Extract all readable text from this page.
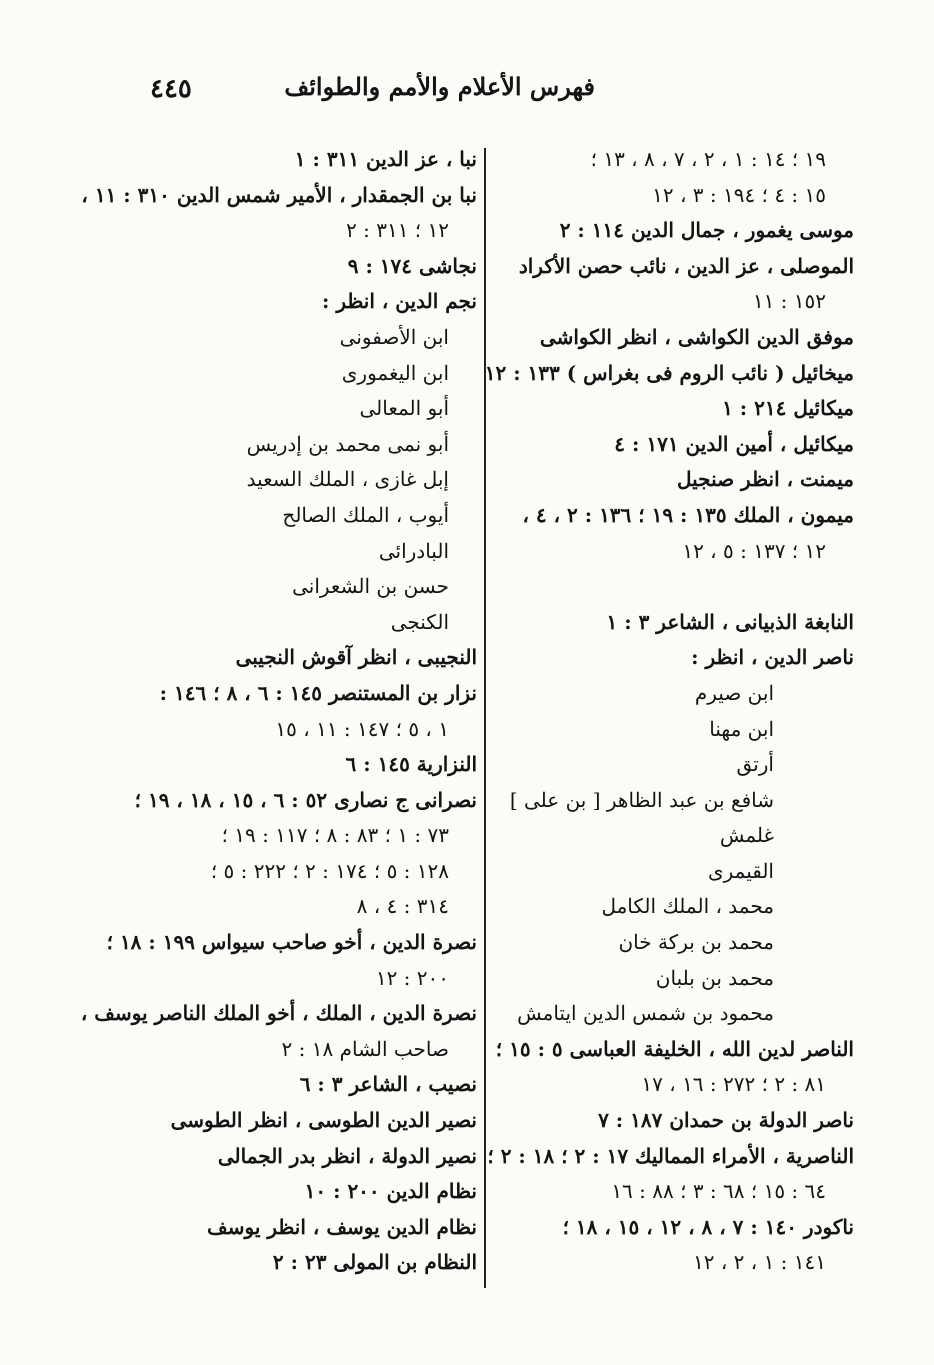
٤٤٥	فهرس الأعلام والأمم والطوائف
١٩ ؛ ١٤ : ١ ، ٢ ، ٧ ، ٨ ، ١٣ ؛
١٥ : ٤ ؛ ١٩٤ : ٣ ، ١٢
موسى يغمور ، جمال الدين ١١٤ : ٢
الموصلى ، عز الدين ، نائب حصن الأكراد
١٥٢ : ١١
موفق الدين الكواشى ، انظر الكواشى
ميخائيل ( نائب الروم فى بغراس ) ١٣٣ : ١٢
ميكائيل ٢١٤ : ١
ميكائيل ، أمين الدين ١٧١ : ٤
ميمنت ، انظر صنجيل
ميمون ، الملك ١٣٥ : ١٩ ؛ ١٣٦ : ٢ ، ٤ ،
١٢ ؛ ١٣٧ : ٥ ، ١٢
النابغة الذبيانى ، الشاعر ٣ : ١
ناصر الدين ، انظر :
ابن صيرم
ابن مهنا
أرتق
شافع بن عبد الظاهر [ بن على ]
غلمش
القيمرى
محمد ، الملك الكامل
محمد بن بركة خان
محمد بن بلبان
محمود بن شمس الدين ايتامش
الناصر لدين الله ، الخليفة العباسى ٥ : ١٥ ؛
٨١ : ٢ ؛ ٢٧٢ : ١٦ ، ١٧
ناصر الدولة بن حمدان ١٨٧ : ٧
الناصرية ، الأمراء المماليك ١٧ : ٢ ؛ ١٨ : ٢ ؛
٦٤ : ١٥ ؛ ٦٨ : ٣ ؛ ٨٨ : ١٦
ناكودر ١٤٠ : ٧ ، ٨ ، ١٢ ، ١٥ ، ١٨ ؛
١٤١ : ١ ، ٢ ، ١٢
نبا ، عز الدين ٣١١ : ١
نبا بن الجمقدار ، الأمير شمس الدين ٣١٠ : ١١ ،
١٢ ؛ ٣١١ : ٢
نجاشى ١٧٤ : ٩
نجم الدين ، انظر :
ابن الأصفونى
ابن اليغمورى
أبو المعالى
أبو نمى محمد بن إدريس
إبل غازى ، الملك السعيد
أيوب ، الملك الصالح
البادرائى
حسن بن الشعرانى
الكنجى
النجيبى ، انظر آقوش النجيبى
نزار بن المستنصر ١٤٥ : ٦ ، ٨ ؛ ١٤٦ :
١ ، ٥ ؛ ١٤٧ : ١١ ، ١٥
النزارية ١٤٥ : ٦
نصرانى ج نصارى ٥٢ : ٦ ، ١٥ ، ١٨ ، ١٩ ؛
٧٣ : ١ ؛ ٨٣ : ٨ ؛ ١١٧ : ١٩ ؛
١٢٨ : ٥ ؛ ١٧٤ : ٢ ؛ ٢٢٢ : ٥ ؛
٣١٤ : ٤ ، ٨
نصرة الدين ، أخو صاحب سيواس ١٩٩ : ١٨ ؛
٢٠٠ : ١٢
نصرة الدين ، الملك ، أخو الملك الناصر يوسف ،
صاحب الشام ١٨ : ٢
نصيب ، الشاعر ٣ : ٦
نصير الدين الطوسى ، انظر الطوسى
نصير الدولة ، انظر بدر الجمالى
نظام الدين ٢٠٠ : ١٠
نظام الدين يوسف ، انظر يوسف
النظام بن المولى ٢٣ : ٢
